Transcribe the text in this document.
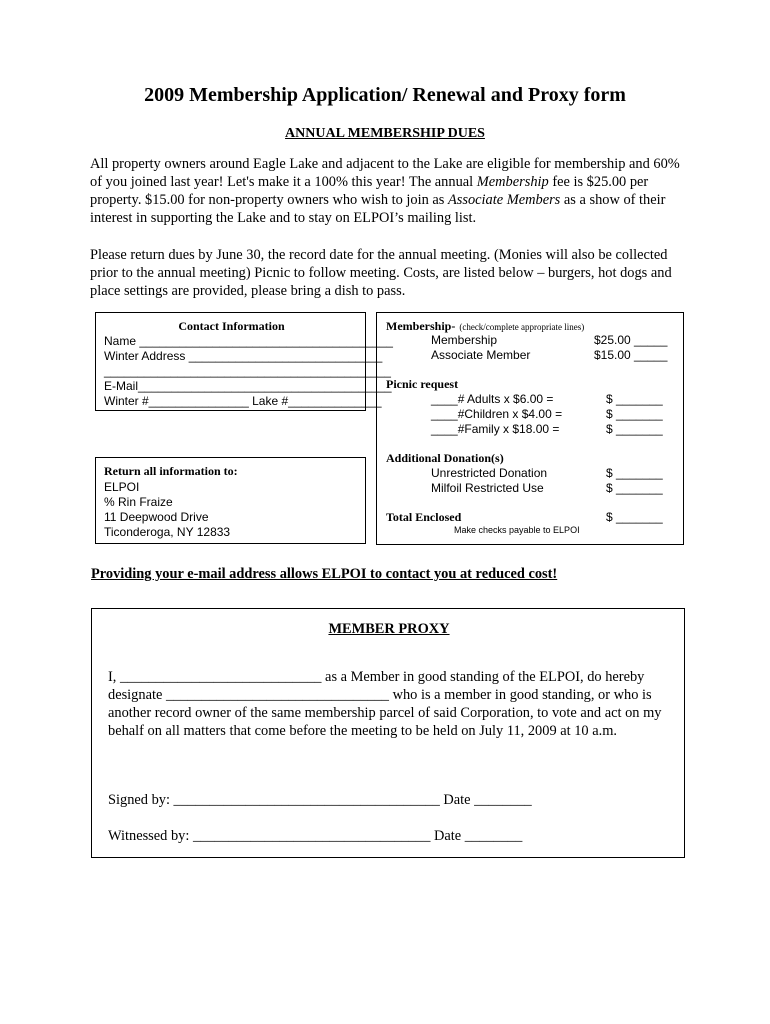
2009 Membership Application/ Renewal and Proxy form
ANNUAL MEMBERSHIP DUES
All property owners around Eagle Lake and adjacent to the Lake are eligible for membership and 60% of you joined last year! Let's make it a 100% this year! The annual Membership fee is $25.00 per property. $15.00 for non-property owners who wish to join as Associate Members as a show of their interest in supporting the Lake and to stay on ELPOI’s mailing list.
Please return dues by June 30, the record date for the annual meeting. (Monies will also be collected prior to the annual meeting) Picnic to follow meeting. Costs, are listed below – burgers, hot dogs and place settings are provided, please bring a dish to pass.
Contact Information
Name ______________________________________
Winter Address _____________________________
___________________________________________
E-Mail______________________________________
Winter #_______________ Lake #______________
Return all information to:
ELPOI
% Rin Fraize
11 Deepwood Drive
Ticonderoga, NY 12833
Membership- (check/complete appropriate lines)
Membership	$25.00 _____
Associate Member	$15.00 _____
Picnic request
____# Adults x $6.00 =	$ _______
____#Children x $4.00 =	$ _______
____#Family x $18.00 =	$ _______
Additional Donation(s)
Unrestricted Donation	$ _______
Milfoil Restricted Use	$ _______
Total Enclosed	$ _______
Make checks payable to ELPOI
Providing your e-mail address allows ELPOI to contact you at reduced cost!
MEMBER PROXY
I, ____________________________ as a Member in good standing of the ELPOI, do hereby designate _______________________________ who is a member in good standing, or who is another record owner of the same membership parcel of said Corporation, to vote and act on my behalf on all matters that come before the meeting to be held on July 11, 2009 at 10 a.m.
Signed by: _____________________________________ Date ________
Witnessed by: _________________________________ Date ________
